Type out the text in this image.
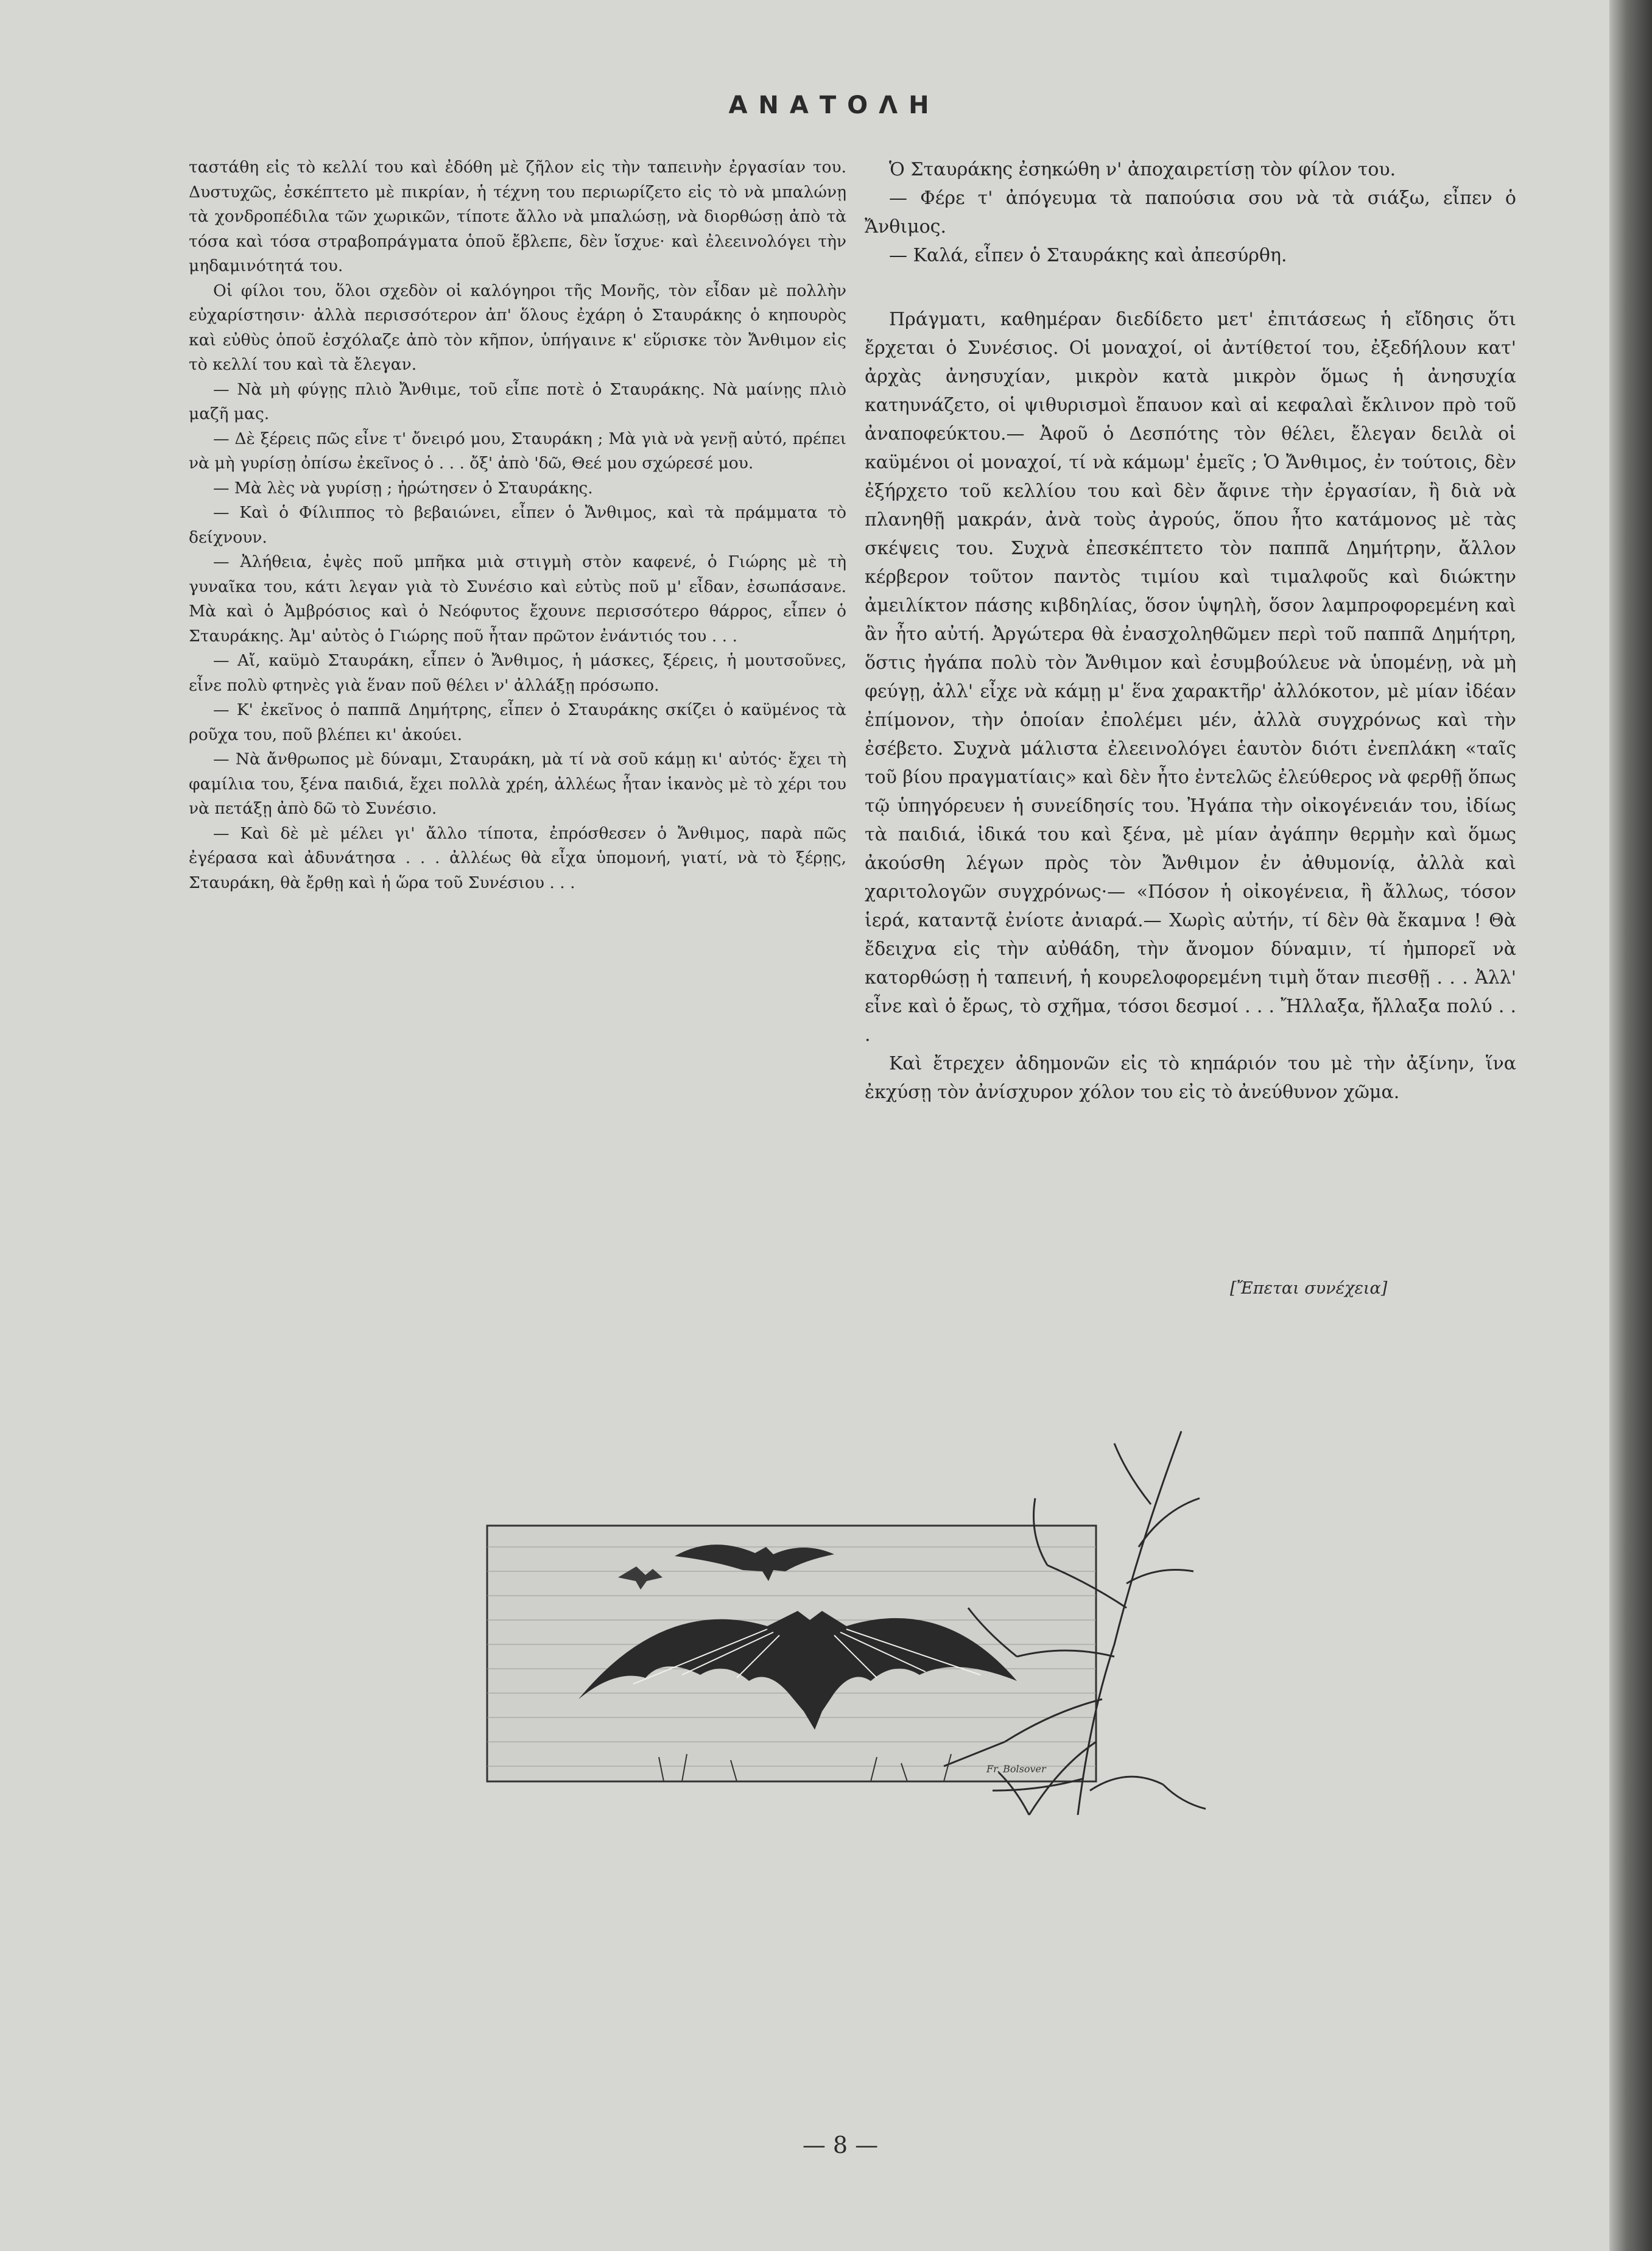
ΑΝΑΤΟΛΗ

ταστάθη εἰς τὸ κελλί του καὶ ἐδόθη μὲ ζῆλον εἰς τὴν ταπεινὴν ἐργασίαν του. Δυστυχῶς, ἐσκέπτετο μὲ πικρίαν, ἡ τέχνη του περιωρίζετο εἰς τὸ νὰ μπαλώνῃ τὰ χονδροπέδιλα τῶν χωρικῶν, τίποτε ἄλλο νὰ μπαλώσῃ, νὰ διορθώσῃ ἀπὸ τὰ τόσα καὶ τόσα στραβοπράγματα ὁποῦ ἔβλεπε, δὲν ἴσχυε· καὶ ἐλεεινολόγει τὴν μηδαμινότητά του.

Οἱ φίλοι του, ὅλοι σχεδὸν οἱ καλόγηροι τῆς Μονῆς, τὸν εἶδαν μὲ πολλὴν εὐχαρίστησιν· ἀλλὰ περισσότερον ἀπ' ὅλους ἐχάρη ὁ Σταυράκης ὁ κηπουρὸς καὶ εὐθὺς ὁποῦ ἐσχόλαζε ἀπὸ τὸν κῆπον, ὑπήγαινε κ' εὕρισκε τὸν Ἄνθιμον εἰς τὸ κελλί του καὶ τὰ ἔλεγαν.

— Νὰ μὴ φύγῃς πλιὸ Ἄνθιμε, τοῦ εἶπε ποτὲ ὁ Σταυράκης. Νὰ μαίνῃς πλιὸ μαζῆ μας.

— Δὲ ξέρεις πῶς εἶνε τ' ὄνειρό μου, Σταυράκη ; Μὰ γιὰ νὰ γενῇ αὐτό, πρέπει νὰ μὴ γυρίσῃ ὀπίσω ἐκεῖνος ὁ . . . ὄξ' ἀπὸ 'δῶ, Θεέ μου σχώρεσέ μου.

— Μὰ λὲς νὰ γυρίσῃ ; ἠρώτησεν ὁ Σταυράκης.

— Καὶ ὁ Φίλιππος τὸ βεβαιώνει, εἶπεν ὁ Ἄνθιμος, καὶ τὰ πράμματα τὸ δείχνουν.

— Ἀλήθεια, ἐψὲς ποῦ μπῆκα μιὰ στιγμὴ στὸν καφενέ, ὁ Γιώρης μὲ τὴ γυναῖκα του, κάτι λεγαν γιὰ τὸ Συνέσιο καὶ εὐτὺς ποῦ μ' εἶδαν, ἐσωπάσανε. Μὰ καὶ ὁ Ἀμβρόσιος καὶ ὁ Νεόφυτος ἔχουνε περισσότερο θάρρος, εἶπεν ὁ Σταυράκης. Ἀμ' αὐτὸς ὁ Γιώρης ποῦ ἦταν πρῶτον ἐνάντιός του . . .

— Αἴ, καϋμὸ Σταυράκη, εἶπεν ὁ Ἄνθιμος, ἡ μάσκες, ξέρεις, ἡ μουτσοῦνες, εἶνε πολὺ φτηνὲς γιὰ ἕναν ποῦ θέλει ν' ἀλλάξῃ πρόσωπο.

— Κ' ἐκεῖνος ὁ παππᾶ Δημήτρης, εἶπεν ὁ Σταυράκης σκίζει ὁ καϋμένος τὰ ροῦχα του, ποῦ βλέπει κι' ἀκούει.

— Νὰ ἄνθρωπος μὲ δύναμι, Σταυράκη, μὰ τί νὰ σοῦ κάμῃ κι' αὐτός· ἔχει τὴ φαμίλια του, ξένα παιδιά, ἔχει πολλὰ χρέη, ἀλλέως ἦταν ἱκανὸς μὲ τὸ χέρι του νὰ πετάξῃ ἀπὸ δῶ τὸ Συνέσιο.

— Καὶ δὲ μὲ μέλει γι' ἄλλο τίποτα, ἐπρόσθεσεν ὁ Ἄνθιμος, παρὰ πῶς ἐγέρασα καὶ ἀδυνάτησα . . . ἀλλέως θὰ εἶχα ὑπομονή, γιατί, νὰ τὸ ξέρῃς, Σταυράκη, θὰ ἔρθῃ καὶ ἡ ὥρα τοῦ Συνέσιου . . .

Ὁ Σταυράκης ἐσηκώθη ν' ἀποχαιρετίσῃ τὸν φίλον του.

— Φέρε τ' ἀπόγευμα τὰ παπούσια σου νὰ τὰ σιάξω, εἶπεν ὁ Ἄνθιμος.

— Καλά, εἶπεν ὁ Σταυράκης καὶ ἀπεσύρθη.

Πράγματι, καθημέραν διεδίδετο μετ' ἐπιτάσεως ἡ εἴδησις ὅτι ἔρχεται ὁ Συνέσιος. Οἱ μοναχοί, οἱ ἀντίθετοί του, ἐξεδήλουν κατ' ἀρχὰς ἀνησυχίαν, μικρὸν κατὰ μικρὸν ὅμως ἡ ἀνησυχία κατηυνάζετο, οἱ ψιθυρισμοὶ ἔπαυον καὶ αἱ κεφαλαὶ ἔκλινον πρὸ τοῦ ἀναποφεύκτου.— Ἀφοῦ ὁ Δεσπότης τὸν θέλει, ἔλεγαν δειλὰ οἱ καϋμένοι οἱ μοναχοί, τί νὰ κάμωμ' ἐμεῖς ; Ὁ Ἄνθιμος, ἐν τούτοις, δὲν ἐξήρχετο τοῦ κελλίου του καὶ δὲν ἄφινε τὴν ἐργασίαν, ἢ διὰ νὰ πλανηθῇ μακράν, ἀνὰ τοὺς ἀγρούς, ὅπου ἦτο κατάμονος μὲ τὰς σκέψεις του. Συχνὰ ἐπεσκέπτετο τὸν παππᾶ Δημήτρην, ἄλλον κέρβερον τοῦτον παντὸς τιμίου καὶ τιμαλφοῦς καὶ διώκτην ἀμειλίκτον πάσης κιβδηλίας, ὅσον ὑψηλὴ, ὅσον λαμπροφορεμένη καὶ ἂν ἦτο αὐτή. Ἀργώτερα θὰ ἐνασχοληθῶμεν περὶ τοῦ παππᾶ Δημήτρη, ὅστις ἠγάπα πολὺ τὸν Ἄνθιμον καὶ ἐσυμβούλευε νὰ ὑπομένῃ, νὰ μὴ φεύγῃ, ἀλλ' εἶχε νὰ κάμῃ μ' ἕνα χαρακτῆρ' ἀλλόκοτον, μὲ μίαν ἰδέαν ἐπίμονον, τὴν ὁποίαν ἐπολέμει μέν, ἀλλὰ συγχρόνως καὶ τὴν ἐσέβετο. Συχνὰ μάλιστα ἐλεεινολόγει ἑαυτὸν διότι ἐνεπλάκη «ταῖς τοῦ βίου πραγματίαις» καὶ δὲν ἦτο ἐντελῶς ἐλεύθερος νὰ φερθῇ ὅπως τῷ ὑπηγόρευεν ἡ συνείδησίς του. Ἠγάπα τὴν οἰκογένειάν του, ἰδίως τὰ παιδιά, ἰδικά του καὶ ξένα, μὲ μίαν ἀγάπην θερμὴν καὶ ὅμως ἀκούσθη λέγων πρὸς τὸν Ἄνθιμον ἐν ἀθυμονίᾳ, ἀλλὰ καὶ χαριτολογῶν συγχρόνως·— «Πόσον ἡ οἰκογένεια, ἢ ἄλλως, τόσον ἱερά, καταντᾷ ἐνίοτε ἀνιαρά.— Χωρὶς αὐτήν, τί δὲν θὰ ἔκαμνα ! Θὰ ἔδειχνα εἰς τὴν αὐθάδη, τὴν ἄνομον δύναμιν, τί ἠμπορεῖ νὰ κατορθώσῃ ἡ ταπεινή, ἡ κουρελοφορεμένη τιμὴ ὅταν πιεσθῇ . . . Ἀλλ' εἶνε καὶ ὁ ἔρως, τὸ σχῆμα, τόσοι δεσμοί . . . Ἤλλαξα, ἤλλαξα πολύ . . .

Καὶ ἔτρεχεν ἀδημονῶν εἰς τὸ κηπάριόν του μὲ τὴν ἀξίνην, ἵνα ἐκχύσῃ τὸν ἀνίσχυρον χόλον του εἰς τὸ ἀνεύθυνον χῶμα.

[Ἔπεται συνέχεια]
Fr. Bolsover
— 8 —
